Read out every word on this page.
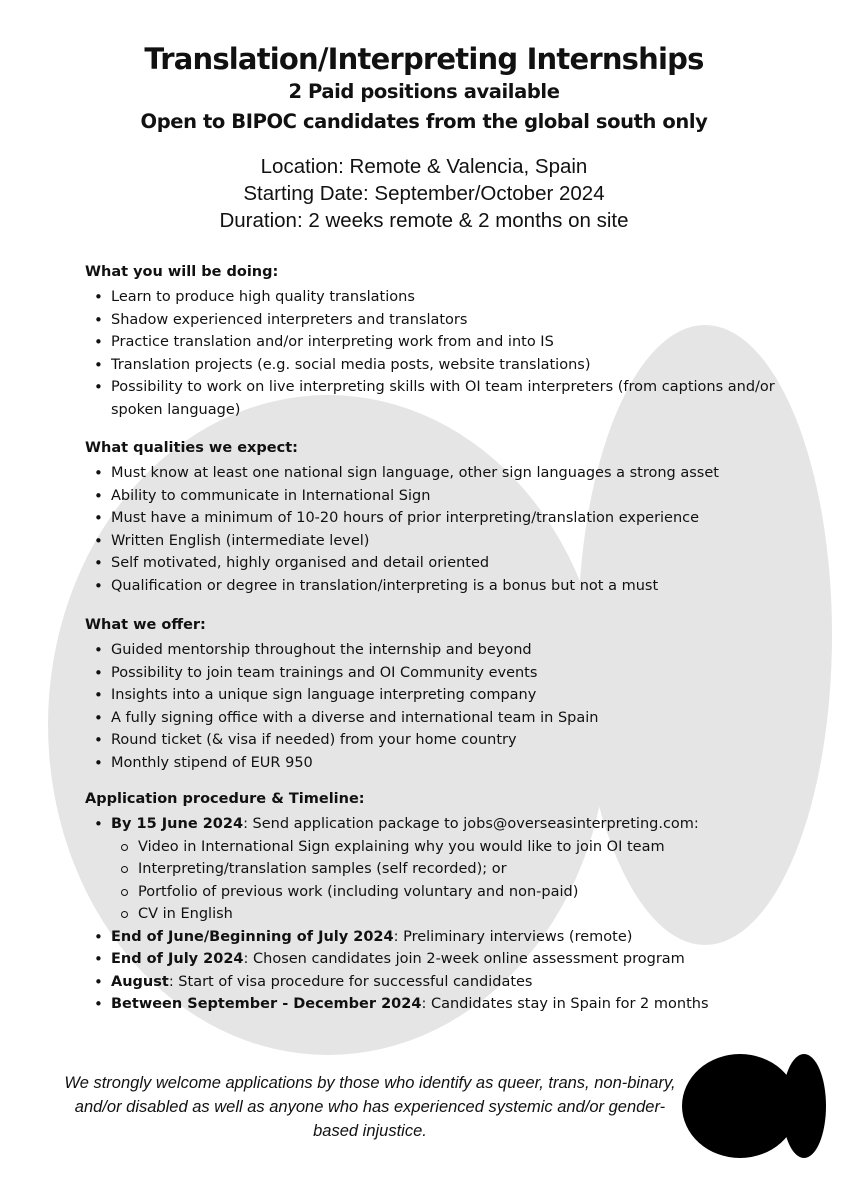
Translation/Interpreting Internships
2 Paid positions available
Open to BIPOC candidates from the global south only
Location: Remote & Valencia, Spain
Starting Date: September/October 2024
Duration: 2 weeks remote & 2 months on site
What you will be doing:
• Learn to produce high quality translations
• Shadow experienced interpreters and translators
• Practice translation and/or interpreting work from and into IS
• Translation projects (e.g. social media posts, website translations)
• Possibility to work on live interpreting skills with OI team interpreters (from captions and/or spoken language)
What qualities we expect:
• Must know at least one national sign language, other sign languages a strong asset
• Ability to communicate in International Sign
• Must have a minimum of 10-20 hours of prior interpreting/translation experience
• Written English (intermediate level)
• Self motivated, highly organised and detail oriented
• Qualification or degree in translation/interpreting is a bonus but not a must
What we offer:
• Guided mentorship throughout the internship and beyond
• Possibility to join team trainings and OI Community events
• Insights into a unique sign language interpreting company
• A fully signing office with a diverse and international team in Spain
• Round ticket (& visa if needed) from your home country
• Monthly stipend of EUR 950
Application procedure & Timeline:
• By 15 June 2024: Send application package to jobs@overseasinterpreting.com:
Video in International Sign explaining why you would like to join OI team
Interpreting/translation samples (self recorded); or
Portfolio of previous work (including voluntary and non-paid)
CV in English
• End of June/Beginning of July 2024: Preliminary interviews (remote)
• End of July 2024: Chosen candidates join 2-week online assessment program
• August: Start of visa procedure for successful candidates
• Between September - December 2024: Candidates stay in Spain for 2 months
We strongly welcome applications by those who identify as queer, trans, non-binary, and/or disabled as well as anyone who has experienced systemic and/or gender-based injustice.
